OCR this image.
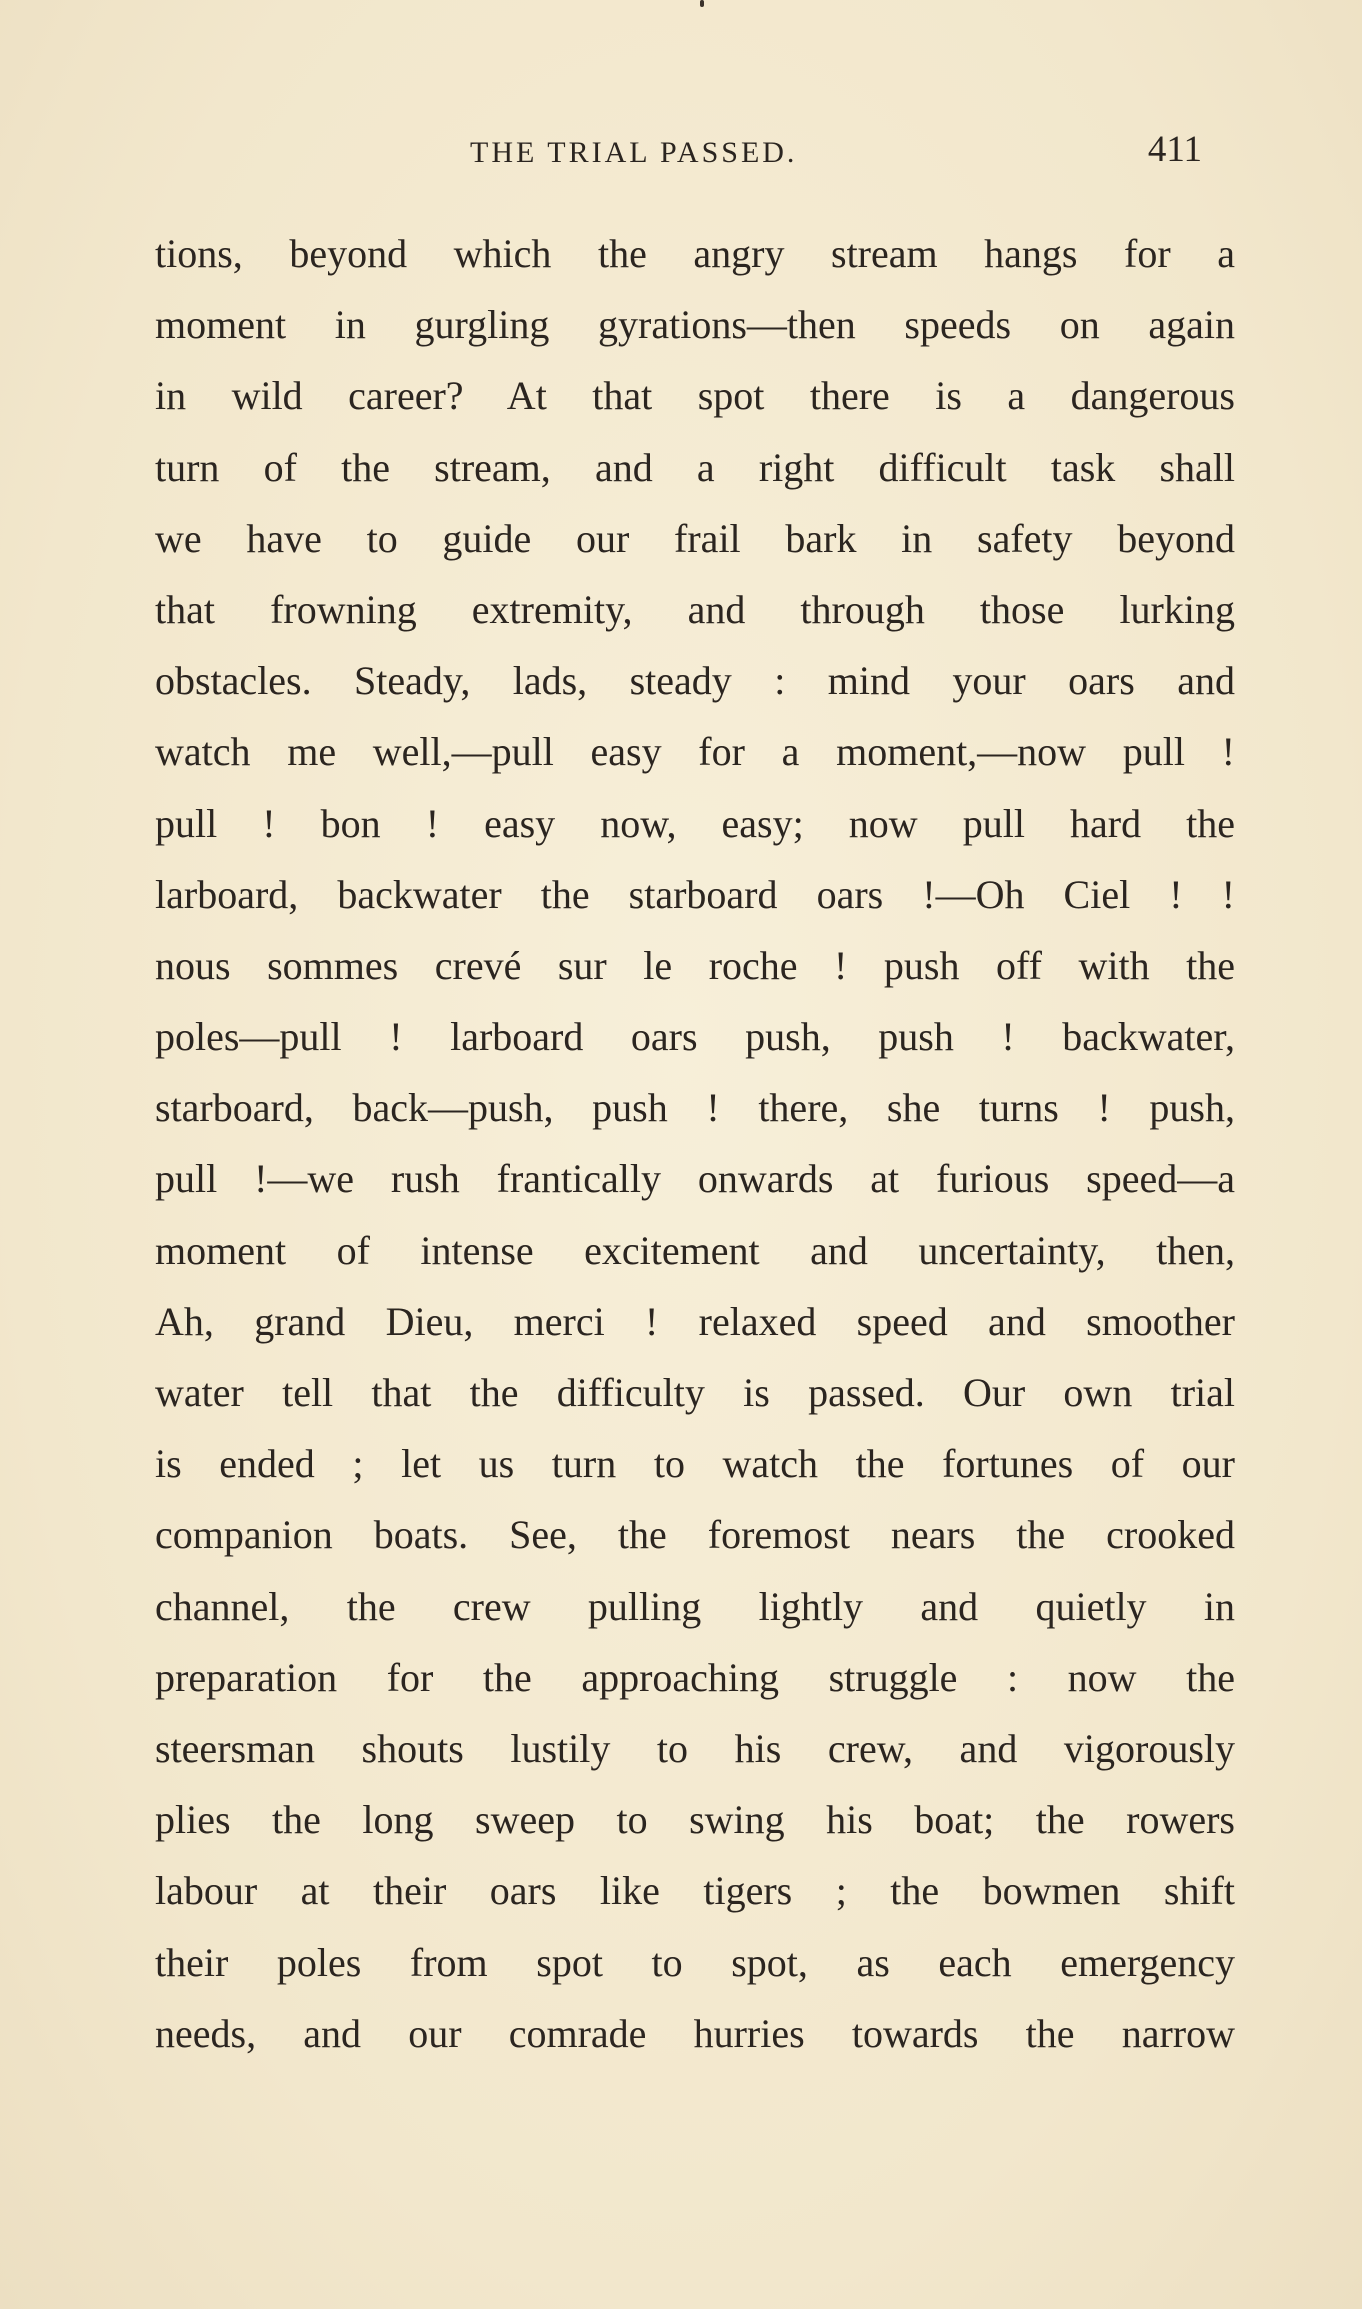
THE TRIAL PASSED.	411
tions, beyond which the angry stream hangs for a
moment in gurgling gyrations—then speeds on again
in wild career? At that spot there is a dangerous
turn of the stream, and a right difficult task shall
we have to guide our frail bark in safety beyond
that frowning extremity, and through those lurking
obstacles. Steady, lads, steady : mind your oars and
watch me well,—pull easy for a moment,—now pull !
pull ! bon ! easy now, easy; now pull hard the
larboard, backwater the starboard oars !—Oh Ciel ! !
nous sommes crevé sur le roche ! push off with the
poles—pull ! larboard oars push, push ! backwater,
starboard, back—push, push ! there, she turns ! push,
pull !—we rush frantically onwards at furious speed—a
moment of intense excitement and uncertainty, then,
Ah, grand Dieu, merci ! relaxed speed and smoother
water tell that the difficulty is passed. Our own trial
is ended ; let us turn to watch the fortunes of our
companion boats. See, the foremost nears the crooked
channel, the crew pulling lightly and quietly in
preparation for the approaching struggle : now the
steersman shouts lustily to his crew, and vigorously
plies the long sweep to swing his boat; the rowers
labour at their oars like tigers ; the bowmen shift
their poles from spot to spot, as each emergency
needs, and our comrade hurries towards the narrow
